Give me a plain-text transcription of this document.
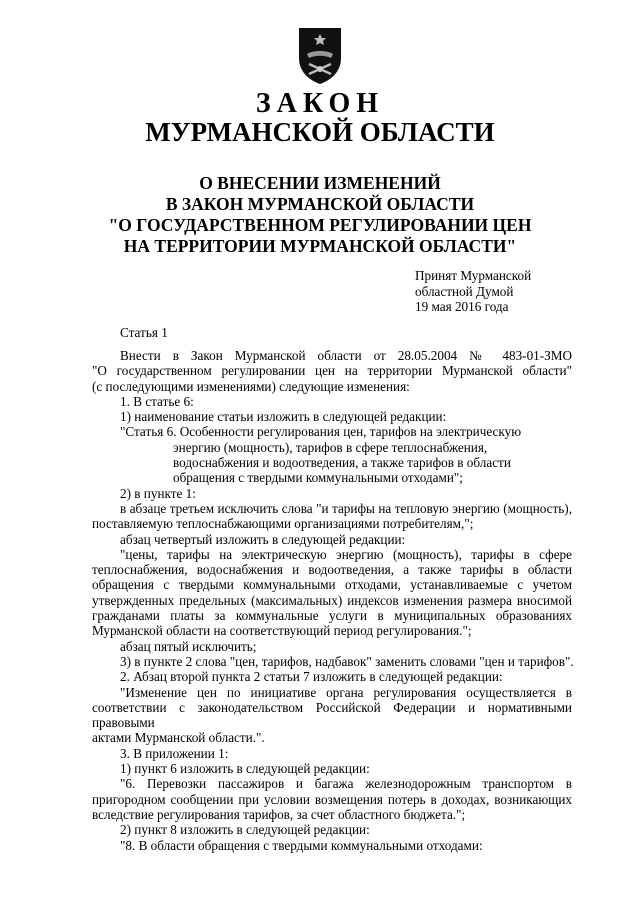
ЗАКОН
МУРМАНСКОЙ ОБЛАСТИ
О ВНЕСЕНИИ ИЗМЕНЕНИЙ
В ЗАКОН МУРМАНСКОЙ ОБЛАСТИ
"О ГОСУДАРСТВЕННОМ РЕГУЛИРОВАНИИ ЦЕН
НА ТЕРРИТОРИИ МУРМАНСКОЙ ОБЛАСТИ"
Принят Мурманской
областной Думой
19 мая 2016 года
Статья 1
Внести в Закон Мурманской области от 28.05.2004 № 483-01-ЗМО
"О государственном регулировании цен на территории Мурманской области"
(с последующими изменениями) следующие изменения:
1. В статье 6:
1) наименование статьи изложить в следующей редакции:
"Статья 6. Особенности регулирования цен, тарифов на электрическую
энергию (мощность), тарифов в сфере теплоснабжения,
водоснабжения и водоотведения, а также тарифов в области
обращения с твердыми коммунальными отходами";
2) в пункте 1:
в абзаце третьем исключить слова "и тарифы на тепловую энергию (мощность),
поставляемую теплоснабжающими организациями потребителям,";
абзац четвертый изложить в следующей редакции:
"цены, тарифы на электрическую энергию (мощность), тарифы в сфере
теплоснабжения, водоснабжения и водоотведения, а также тарифы в области
обращения с твердыми коммунальными отходами, устанавливаемые с учетом
утвержденных предельных (максимальных) индексов изменения размера вносимой
гражданами платы за коммунальные услуги в муниципальных образованиях
Мурманской области на соответствующий период регулирования.";
абзац пятый исключить;
3) в пункте 2 слова "цен, тарифов, надбавок" заменить словами "цен и тарифов".
2. Абзац второй пункта 2 статьи 7 изложить в следующей редакции:
"Изменение цен по инициативе органа регулирования осуществляется в
соответствии с законодательством Российской Федерации и нормативными правовыми
актами Мурманской области.".
3. В приложении 1:
1) пункт 6 изложить в следующей редакции:
"6. Перевозки пассажиров и багажа железнодорожным транспортом в
пригородном сообщении при условии возмещения потерь в доходах, возникающих
вследствие регулирования тарифов, за счет областного бюджета.";
2) пункт 8 изложить в следующей редакции:
"8. В области обращения с твердыми коммунальными отходами:
